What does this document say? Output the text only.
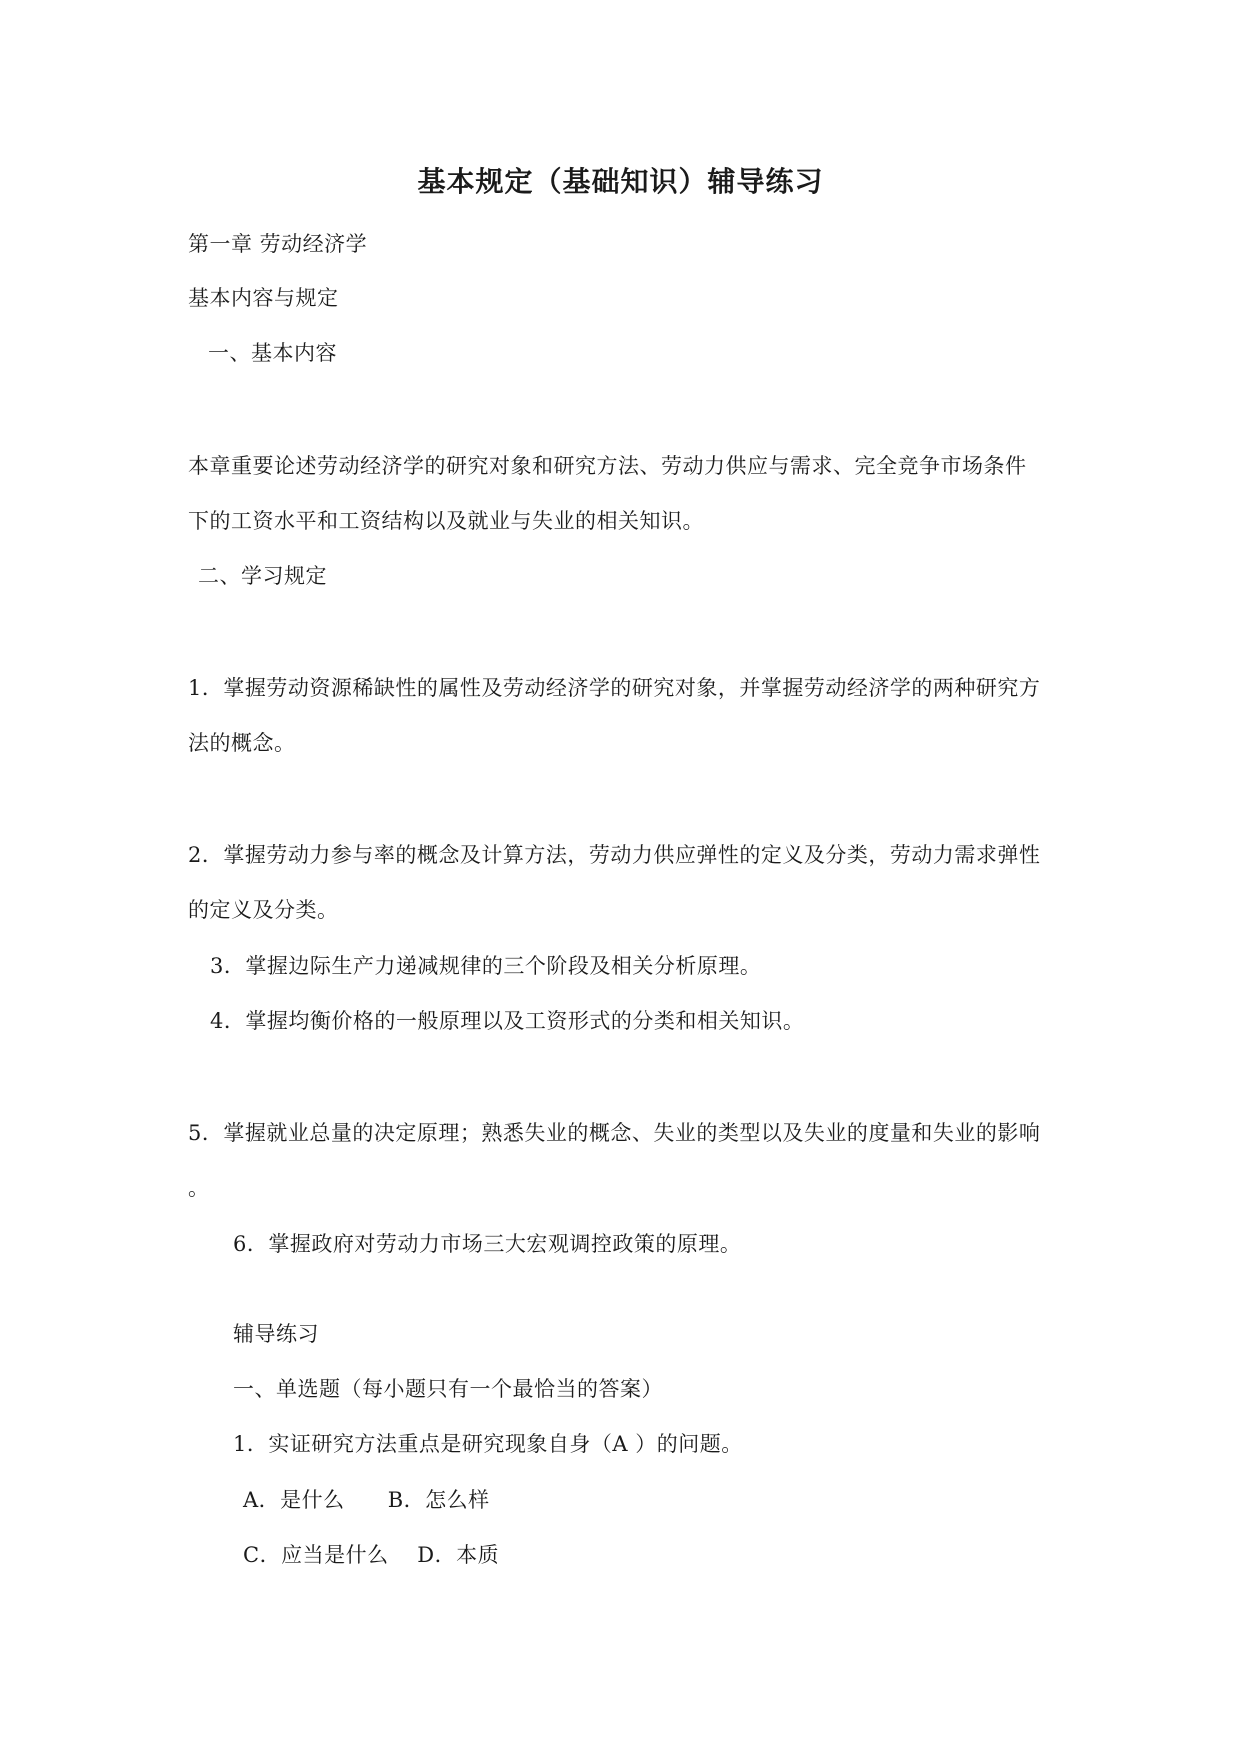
基本规定（基础知识）辅导练习
第一章 劳动经济学
基本内容与规定
一、基本内容
本章重要论述劳动经济学的研究对象和研究方法、劳动力供应与需求、完全竞争市场条件
下的工资水平和工资结构以及就业与失业的相关知识。
二、学习规定
1．掌握劳动资源稀缺性的属性及劳动经济学的研究对象，并掌握劳动经济学的两种研究方
法的概念。
2．掌握劳动力参与率的概念及计算方法，劳动力供应弹性的定义及分类，劳动力需求弹性
的定义及分类。
3．掌握边际生产力递减规律的三个阶段及相关分析原理。
4．掌握均衡价格的一般原理以及工资形式的分类和相关知识。
5．掌握就业总量的决定原理；熟悉失业的概念、失业的类型以及失业的度量和失业的影响
。
6．掌握政府对劳动力市场三大宏观调控政策的原理。
辅导练习
一、单选题（每小题只有一个最恰当的答案）
1．实证研究方法重点是研究现象自身（A ）的问题。
A．是什么      B．怎么样
C．应当是什么    D．本质
